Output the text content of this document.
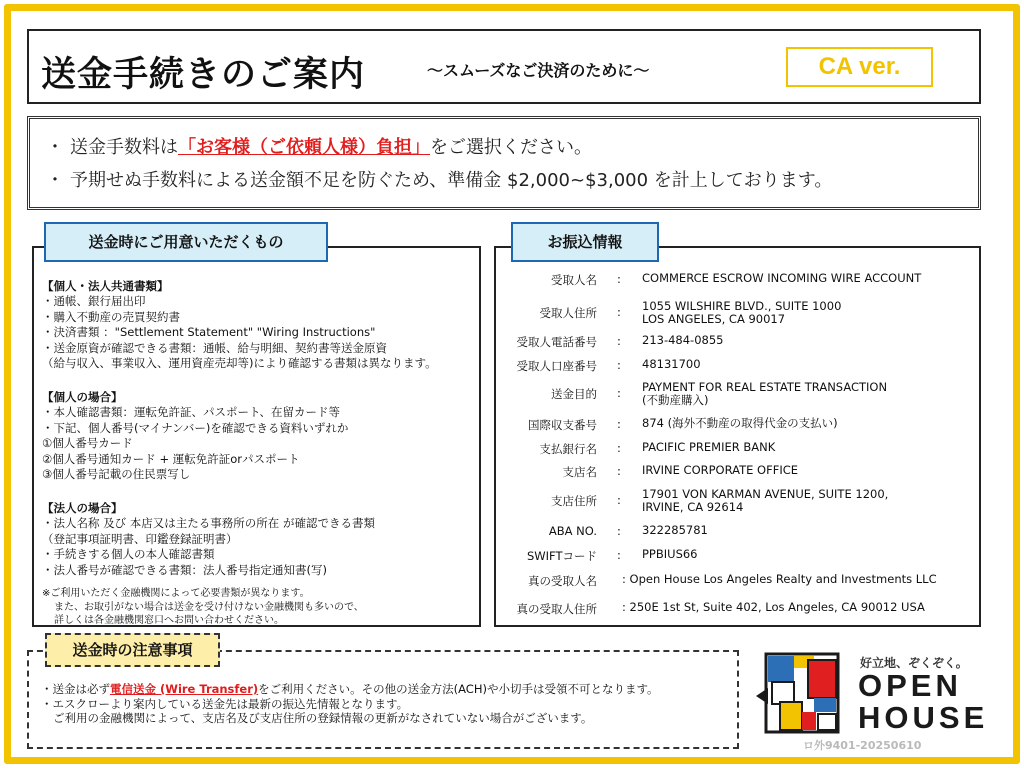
送金手続きのご案内	～スムーズなご決済のために～	CA ver.
・ 送金手数料は「お客様（ご依頼人様）負担」をご選択ください。
・ 予期せぬ手数料による送金額不足を防ぐため、準備金 $2,000~$3,000 を計上しております。
【個人・法人共通書類】
・通帳、銀行届出印
・購入不動産の売買契約書
・決済書類 ："Settlement Statement" "Wiring Instructions"
・送金原資が確認できる書類：通帳、給与明細、契約書等送金原資
（給与収入、事業収入、運用資産売却等)により確認する書類は異なります。
【個人の場合】
・本人確認書類：運転免許証、パスポート、在留カード等
・下記、個人番号(マイナンバー)を確認できる資料いずれか
①個人番号カード
②個人番号通知カード + 運転免許証orパスポート
③個人番号記載の住民票写し
【法人の場合】
・法人名称 及び 本店又は主たる事務所の所在 が確認できる書類
（登記事項証明書、印鑑登録証明書）
・手続きする個人の本人確認書類
・法人番号が確認できる書類：法人番号指定通知書(写)
※ご利用いただく金融機関によって必要書類が異なります。
また、お取引がない場合は送金を受け付けない金融機関も多いので、
詳しくは各金融機関窓口へお問い合わせください。
送金時にご用意いただくもの
受取人名 : COMMERCE ESCROW INCOMING WIRE ACCOUNT
受取人住所 : 1055 WILSHIRE BLVD., SUITE 1000
LOS ANGELES, CA 90017
受取人電話番号 : 213-484-0855
受取人口座番号 : 48131700
送金目的 : PAYMENT FOR REAL ESTATE TRANSACTION
(不動産購入)
国際収支番号 : 874 (海外不動産の取得代金の支払い)
支払銀行名 : PACIFIC PREMIER BANK
支店名 : IRVINE CORPORATE OFFICE
支店住所 : 17901 VON KARMAN AVENUE, SUITE 1200,
IRVINE, CA 92614
ABA NO. : 322285781
SWIFTコード : PPBIUS66
真の受取人名 : Open House Los Angeles Realty and Investments LLC
真の受取人住所 : 250E 1st St, Suite 402, Los Angeles, CA 90012 USA
お振込情報
・送金は必ず電信送金 (Wire Transfer)をご利用ください。その他の送金方法(ACH)や小切手は受領不可となります。
・エスクローより案内している送金先は最新の振込先情報となります。
ご利用の金融機関によって、支店名及び支店住所の登録情報の更新がなされていない場合がございます。
送金時の注意事項
好立地、ぞくぞく。
OPEN
HOUSE
ロ外9401-20250610
